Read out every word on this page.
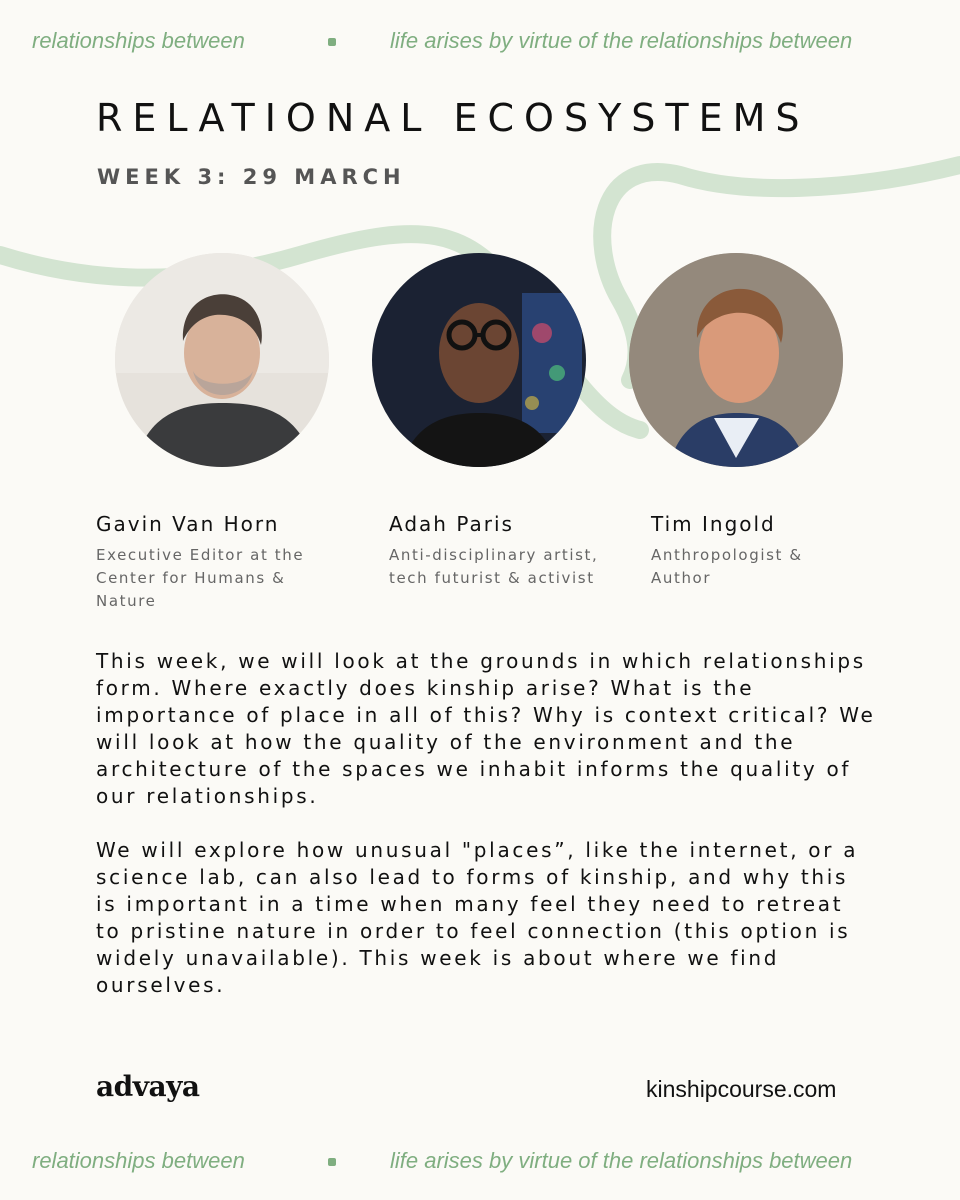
relationships between	life arises by virtue of the relationships between
RELATIONAL ECOSYSTEMS
WEEK 3: 29 MARCH

Gavin Van Horn

Executive Editor at the Center for Humans & Nature

Adah Paris

Anti-disciplinary artist, tech futurist & activist

Tim Ingold

Anthropologist & Author

This week, we will look at the grounds in which relationships form. Where exactly does kinship arise? What is the importance of place in all of this? Why is context critical? We will look at how the quality of the environment and the architecture of the spaces we inhabit informs the quality of our relationships.

We will explore how unusual "places”, like the internet, or a science lab, can also lead to forms of kinship, and why this is important in a time when many feel they need to retreat to pristine nature in order to feel connection (this option is widely unavailable). This week is about where we find ourselves.

advaya	kinshipcourse.com
relationships between	life arises by virtue of the relationships between
